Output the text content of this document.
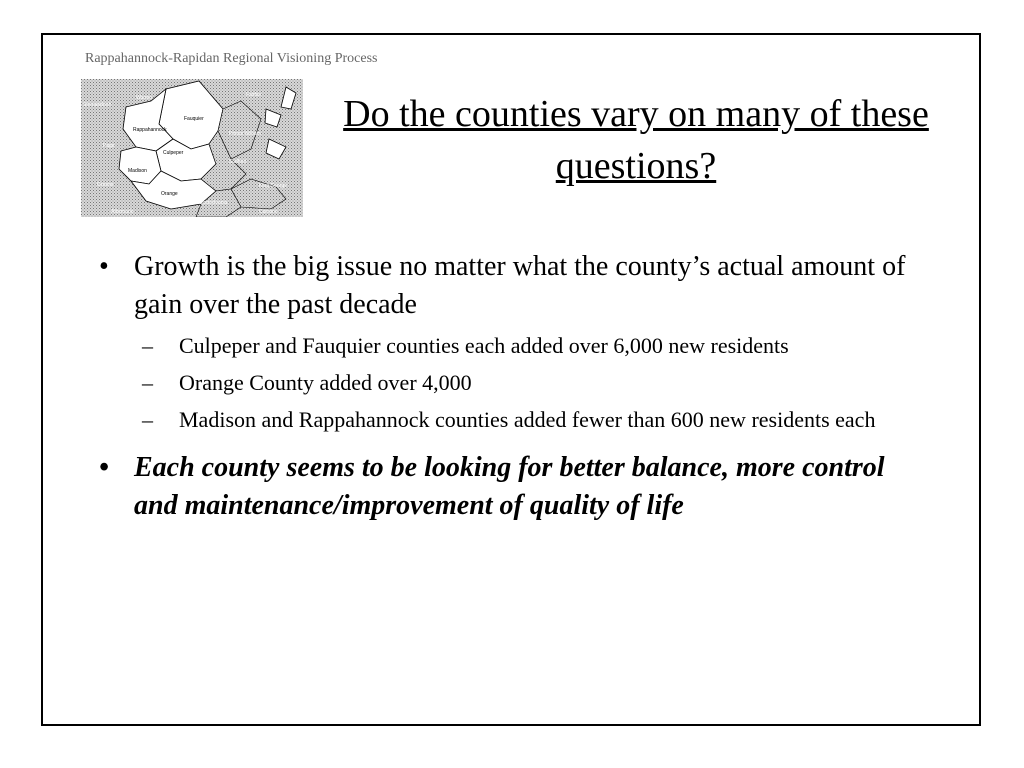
Rappahannock-Rapidan Regional Visioning Process
Shenandoah
Warren
Fauquier
Fairfax
Rappahannock
Prince William
Page
Culpeper
Stafford
Madison
Greene
Orange
King George
Albemarle
Spotsylvania
Caroline
Do the counties vary on many of these questions?
• Growth is the big issue no matter what the county’s actual amount of gain over the past decade
– Culpeper and Fauquier counties each added over 6,000 new residents
– Orange County added over 4,000
– Madison and Rappahannock counties added fewer than 600 new residents each
• Each county seems to be looking for better balance, more control and maintenance/improvement of quality of life
